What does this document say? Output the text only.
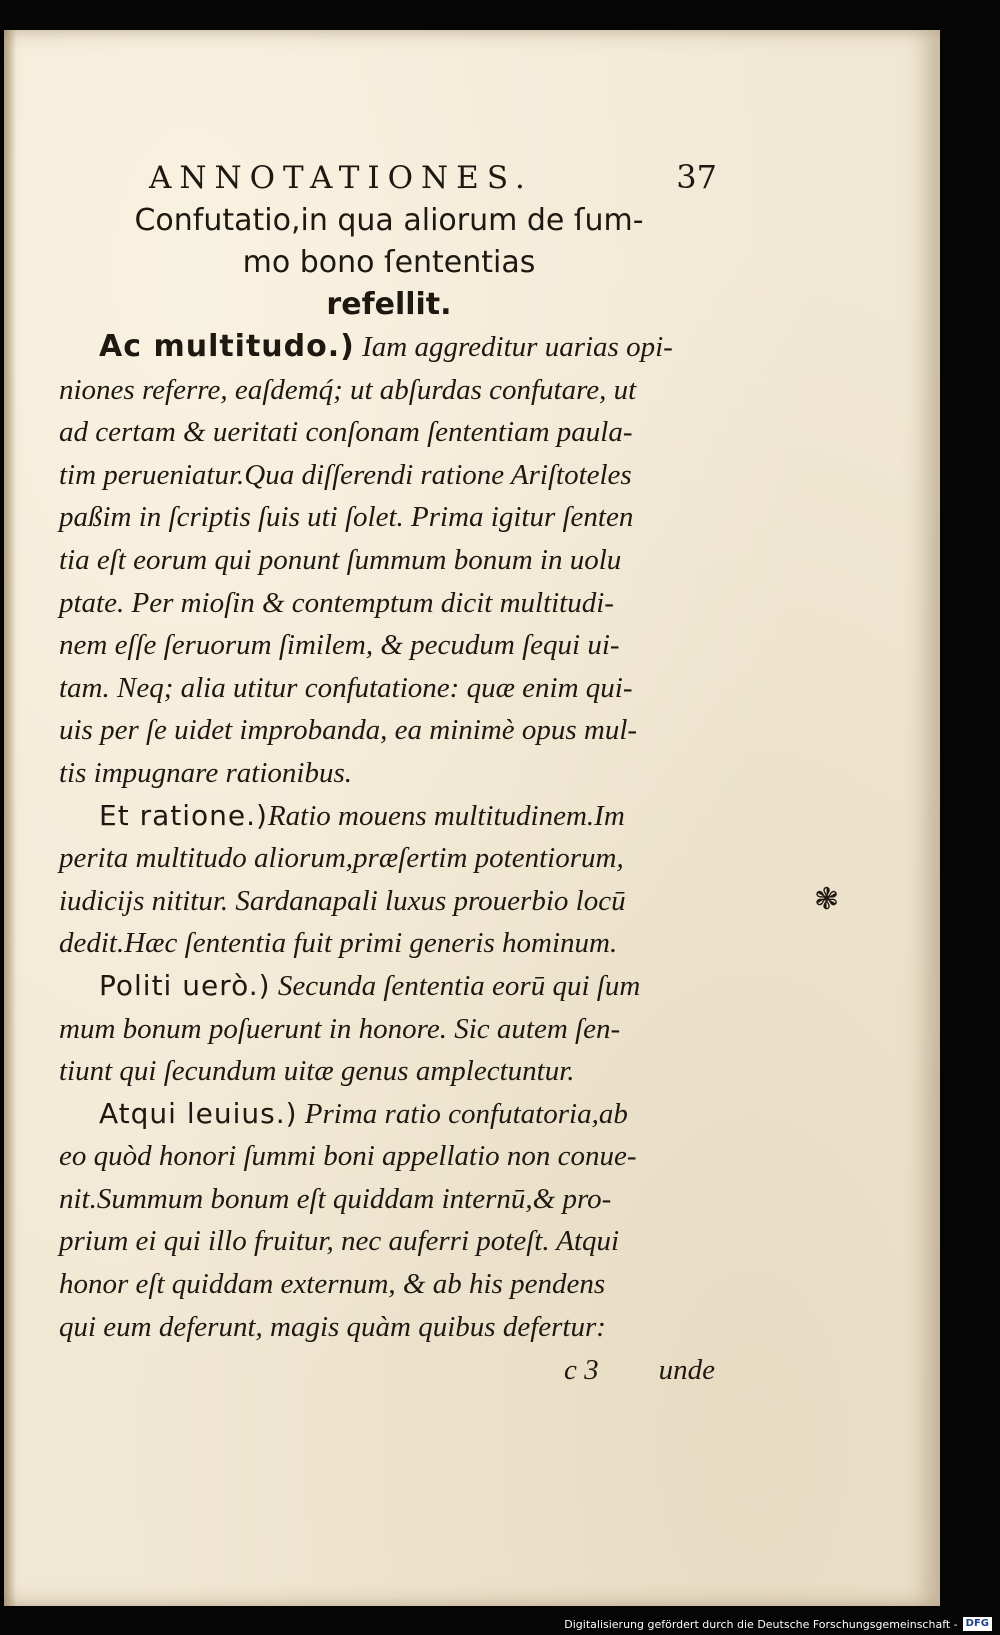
ANNOTATIONES.	37
Confutatio,in qua aliorum de ſum-
mo bono ſententias
refellit.

Ac multitudo.) Iam aggreditur uarias opi-
niones referre, eaſdemq́; ut abſurdas confutare, ut
ad certam & ueritati conſonam ſententiam paula-
tim perueniatur.Qua diſſerendi ratione Ariſtoteles
paßim in ſcriptis ſuis uti ſolet. Prima igitur ſenten
tia eſt eorum qui ponunt ſummum bonum in uolu
ptate. Per mioſin & contemptum dicit multitudi-
nem eſſe ſeruorum ſimilem, & pecudum ſequi ui-
tam. Neq; alia utitur confutatione: quæ enim qui-
uis per ſe uidet improbanda, ea minimè opus mul-
tis impugnare rationibus.

Et ratione.)Ratio mouens multitudinem.Im
perita multitudo aliorum,præſertim potentiorum,
iudicijs nititur. Sardanapali luxus prouerbio locū
dedit.Hæc ſententia fuit primi generis hominum.

Politi uerò.) Secunda ſententia eorū qui ſum
mum bonum poſuerunt in honore. Sic autem ſen-
tiunt qui ſecundum uitæ genus amplectuntur.

Atqui leuius.) Prima ratio confutatoria,ab
eo quòd honori ſummi boni appellatio non conue-
nit.Summum bonum eſt quiddam internū,& pro-
prium ei qui illo fruitur, nec auferri poteſt. Atqui
honor eſt quiddam externum, & ab his pendens
qui eum deferunt, magis quàm quibus defertur:

c 3 unde
❃
Digitalisierung gefördert durch die Deutsche Forschungsgemeinschaft - DFG
